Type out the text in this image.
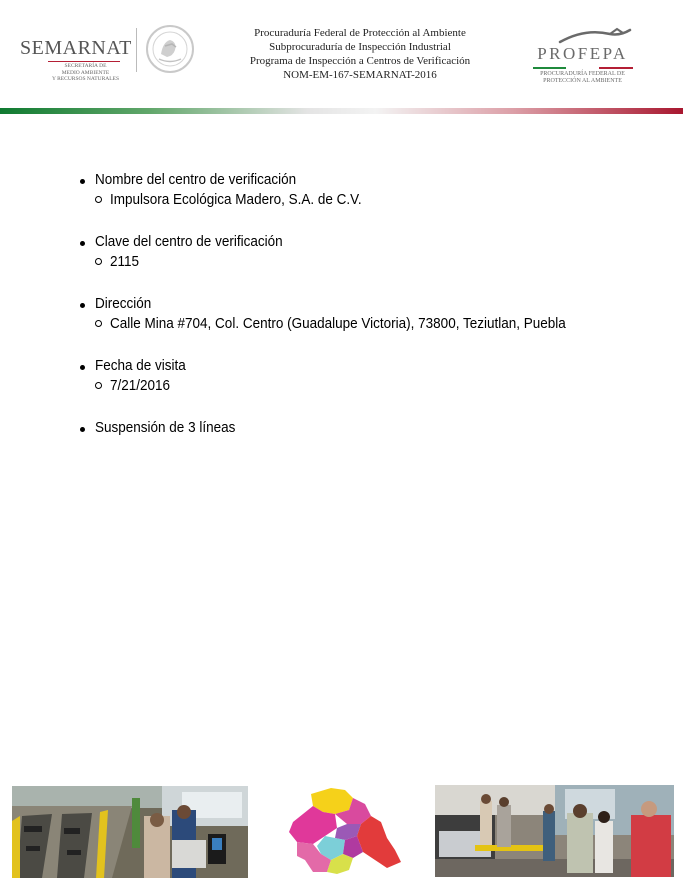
SEMARNAT
SECRETARÍA DE
MEDIO AMBIENTE
Y RECURSOS NATURALES
Procuraduría Federal de Protección al Ambiente
Subprocuraduría de Inspección Industrial
Programa de Inspección a Centros de Verificación
NOM-EM-167-SEMARNAT-2016
PROFEPA
PROCURADURÍA FEDERAL DE
PROTECCIÓN AL AMBIENTE
Nombre del centro de verificación
Impulsora Ecológica Madero, S.A. de C.V.
Clave del centro de verificación
2115
Dirección
Calle Mina #704, Col. Centro (Guadalupe Victoria), 73800, Teziutlan, Puebla
Fecha de visita
7/21/2016
Suspensión de 3 líneas
